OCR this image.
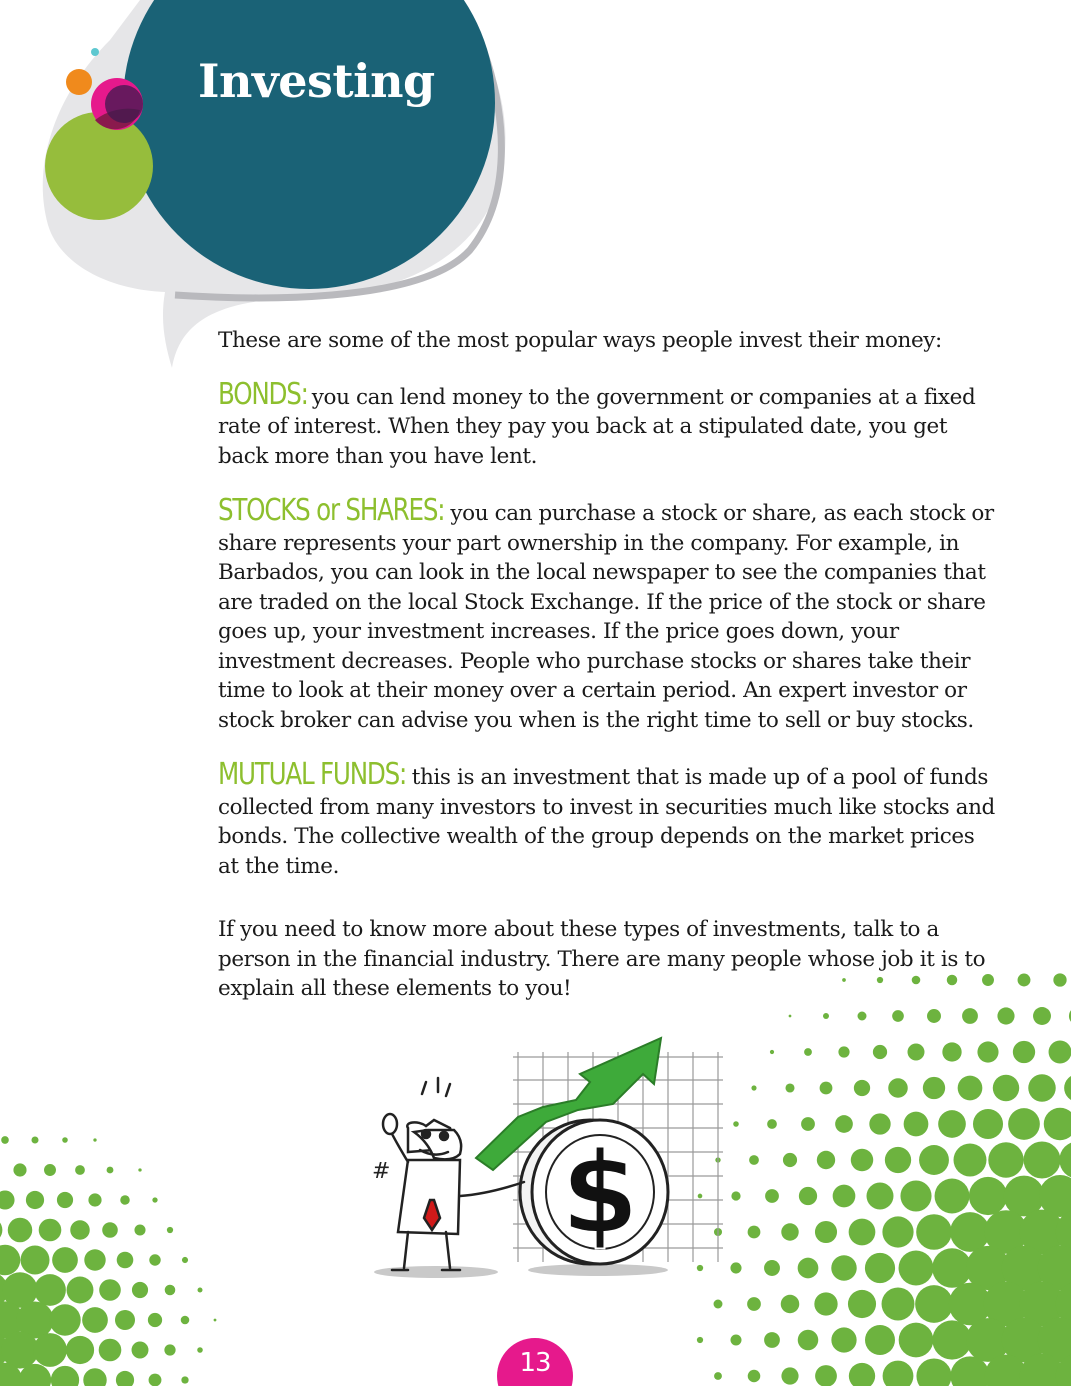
Investing

These are some of the most popular ways people invest their money:

BONDS: you can lend money to the government or companies at a fixed rate of interest. When they pay you back at a stipulated date, you get back more than you have lent.

STOCKS or SHARES: you can purchase a stock or share, as each stock or share represents your part ownership in the company. For example, in Barbados, you can look in the local newspaper to see the companies that are traded on the local Stock Exchange. If the price of the stock or share goes up, your investment increases. If the price goes down, your investment decreases. People who purchase stocks or shares take their time to look at their money over a certain period. An expert investor or stock broker can advise you when is the right time to sell or buy stocks.

MUTUAL FUNDS: this is an investment that is made up of a pool of funds collected from many investors to invest in securities much like stocks and bonds. The collective wealth of the group depends on the market prices at the time.

If you need to know more about these types of investments, talk to a person in the financial industry. There are many people whose job it is to explain all these elements to you!

$
#
13
